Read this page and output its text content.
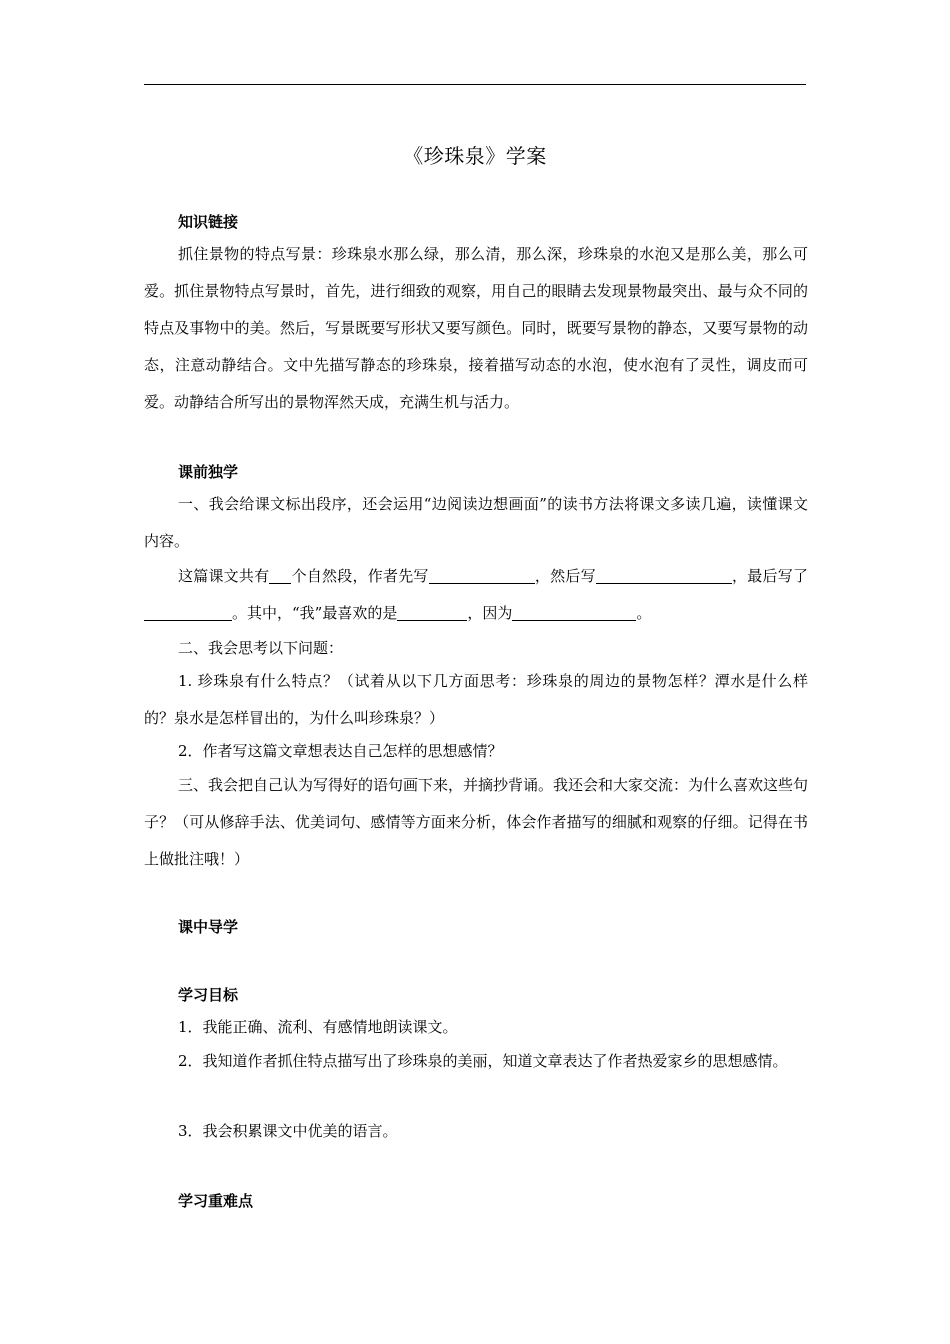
《珍珠泉》学案
知识链接

抓住景物的特点写景：珍珠泉水那么绿，那么清，那么深，珍珠泉的水泡又是那么美，那么可爱。抓住景物特点写景时，首先，进行细致的观察，用自己的眼睛去发现景物最突出、最与众不同的特点及事物中的美。然后，写景既要写形状又要写颜色。同时，既要写景物的静态，又要写景物的动态，注意动静结合。文中先描写静态的珍珠泉，接着描写动态的水泡，使水泡有了灵性，调皮而可爱。动静结合所写出的景物浑然天成，充满生机与活力。

课前独学

一、我会给课文标出段序，还会运用“边阅读边想画面”的读书方法将课文多读几遍，读懂课文内容。

这篇课文共有 个自然段，作者先写	，然后写	，最后写了。其中，“我”最喜欢的是	，因为	。

二、我会思考以下问题：

1. 珍珠泉有什么特点？（试着从以下几方面思考：珍珠泉的周边的景物怎样？潭水是什么样的？泉水是怎样冒出的，为什么叫珍珠泉？）

2．作者写这篇文章想表达自己怎样的思想感情？

三、我会把自己认为写得好的语句画下来，并摘抄背诵。我还会和大家交流：为什么喜欢这些句子？（可从修辞手法、优美词句、感情等方面来分析，体会作者描写的细腻和观察的仔细。记得在书上做批注哦！）

课中导学
学习目标

1．我能正确、流利、有感情地朗读课文。

2．我知道作者抓住特点描写出了珍珠泉的美丽，知道文章表达了作者热爱家乡的思想感情。

3．我会积累课文中优美的语言。

学习重难点
